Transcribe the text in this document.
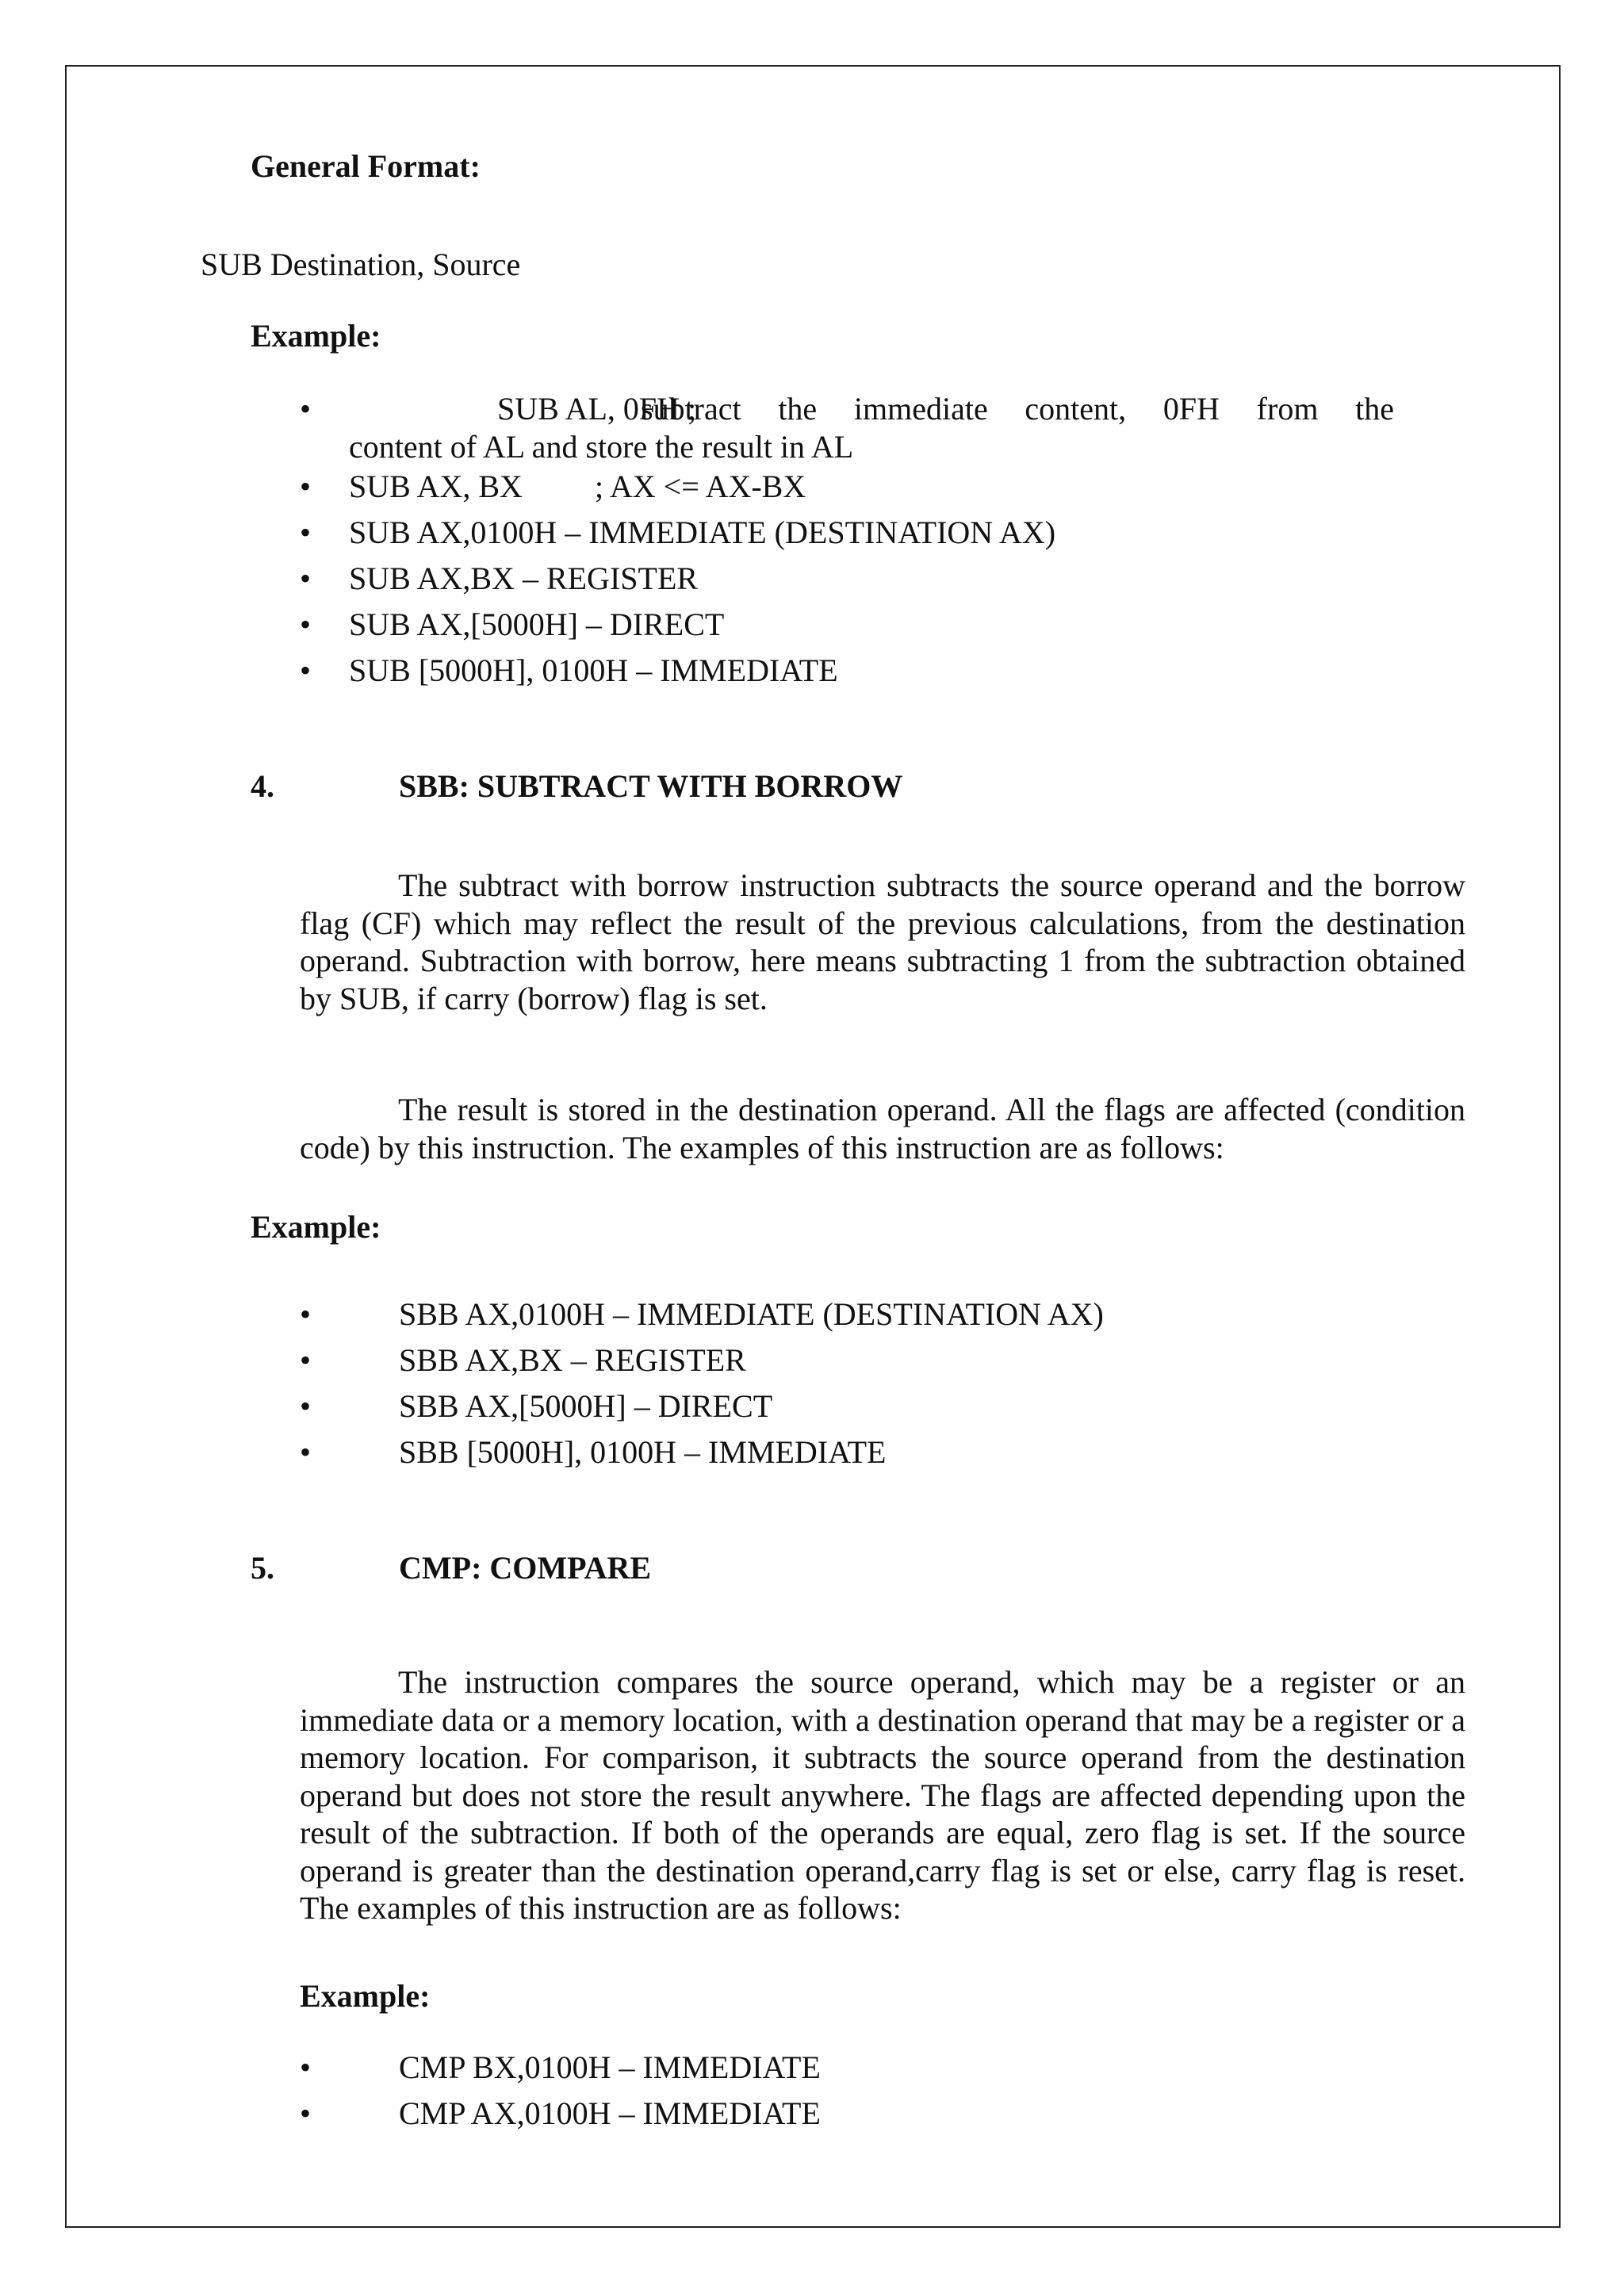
General Format:
SUB Destination, Source
Example:
•
SUB AL, 0FH ;
subtract the immediate content, 0FH from the
content of AL and store the result in AL
•
SUB AX, BX ; AX <= AX-BX
•
SUB AX,0100H – IMMEDIATE (DESTINATION AX)
•
SUB AX,BX – REGISTER
•
SUB AX,[5000H] – DIRECT
•
SUB [5000H], 0100H – IMMEDIATE
4.	SBB: SUBTRACT WITH BORROW
The subtract with borrow instruction subtracts the source operand and the borrow flag (CF) which may reflect the result of the previous calculations, from the destination operand. Subtraction with borrow, here means subtracting 1 from the subtraction obtained by SUB, if carry (borrow) flag is set.
The result is stored in the destination operand. All the flags are affected (condition code) by this instruction. The examples of this instruction are as follows:
Example:
•
SBB AX,0100H – IMMEDIATE (DESTINATION AX)
•
SBB AX,BX – REGISTER
•
SBB AX,[5000H] – DIRECT
•
SBB [5000H], 0100H – IMMEDIATE
5.	CMP: COMPARE
The instruction compares the source operand, which may be a register or an immediate data or a memory location, with a destination operand that may be a register or a memory location. For comparison, it subtracts the source operand from the destination operand but does not store the result anywhere. The flags are affected depending upon the result of the subtraction. If both of the operands are equal, zero flag is set. If the source operand is greater than the destination operand,carry flag is set or else, carry flag is reset. The examples of this instruction are as follows:
Example:
•
CMP BX,0100H – IMMEDIATE
•
CMP AX,0100H – IMMEDIATE
